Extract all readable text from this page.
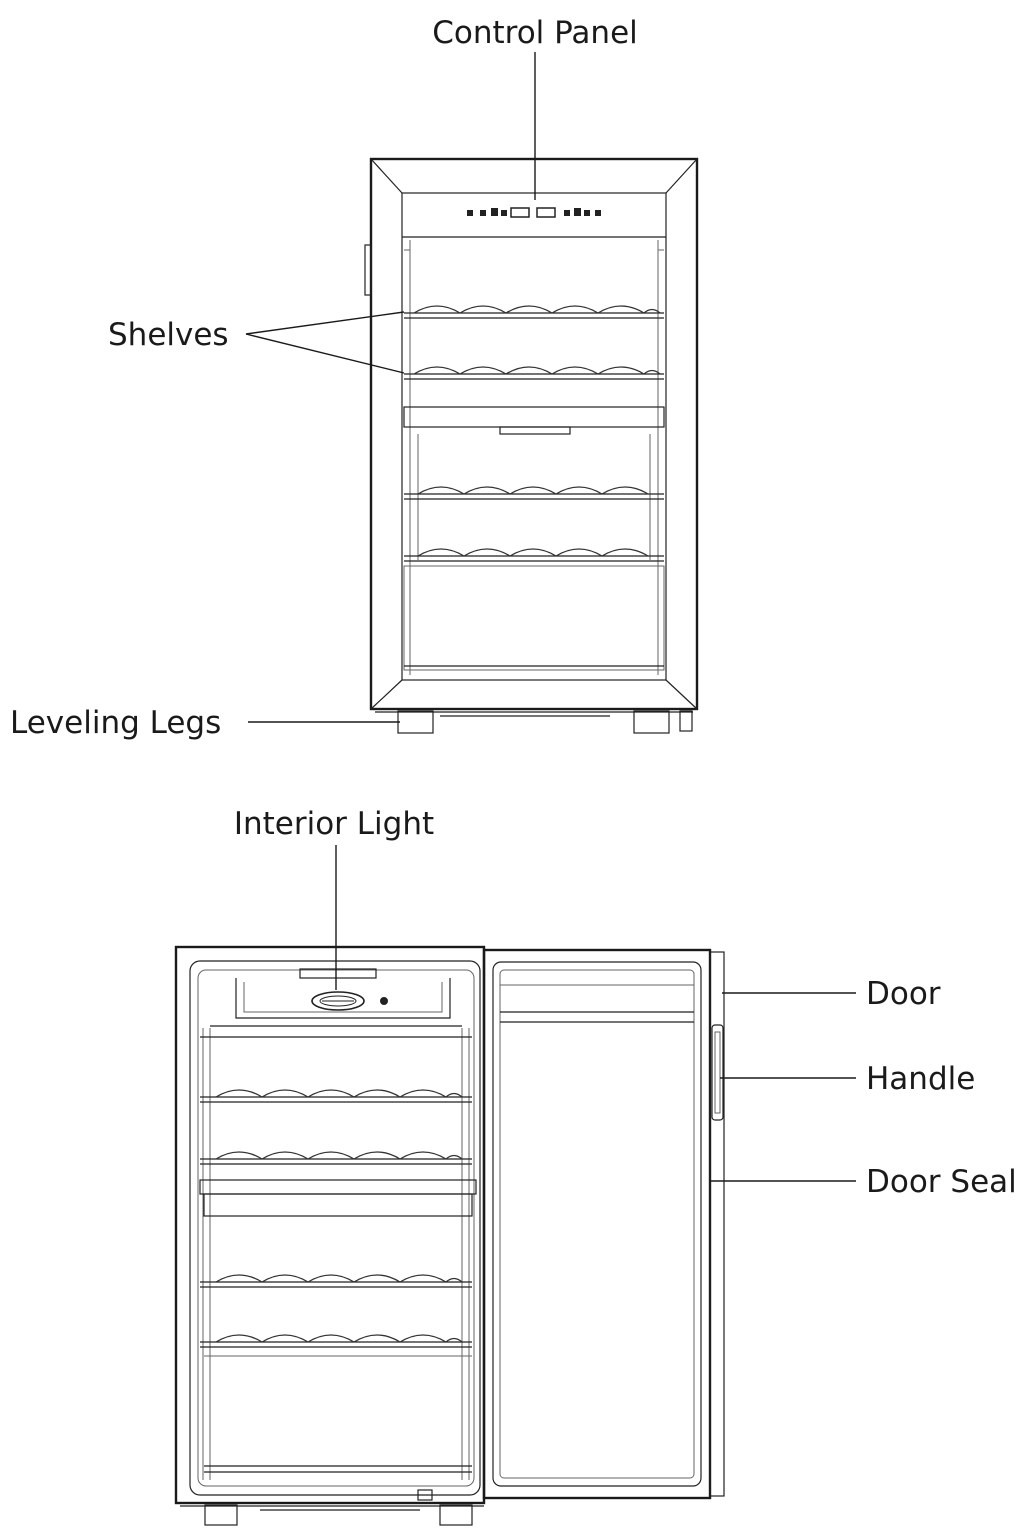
Control Panel
Shelves
Leveling Legs
Interior Light
Door
Handle
Door Seal
